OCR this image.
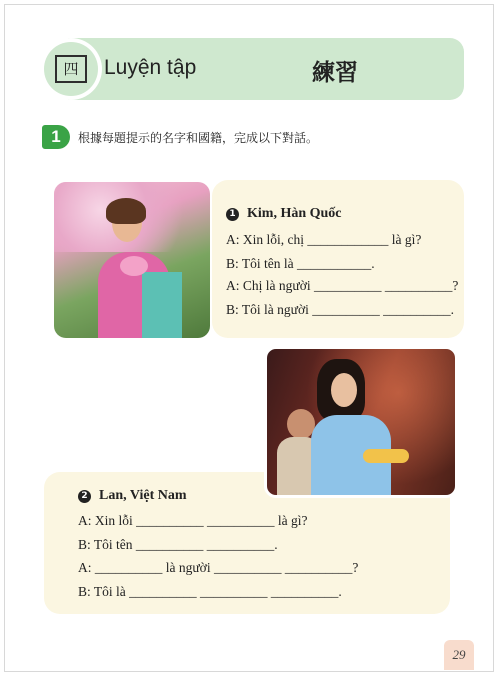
四	Luyện tập	練習
1	根據每題提示的名字和國籍，完成以下對話。
1 Kim, Hàn Quốc
A: Xin lỗi, chị ____________ là gì?
B: Tôi tên là ___________.
A: Chị là người __________ __________?
B: Tôi là người __________ __________.
2 Lan, Việt Nam
A: Xin lỗi __________ __________ là gì?
B: Tôi tên __________ __________.
A: __________ là người __________ __________?
B: Tôi là __________ __________ __________.
29
